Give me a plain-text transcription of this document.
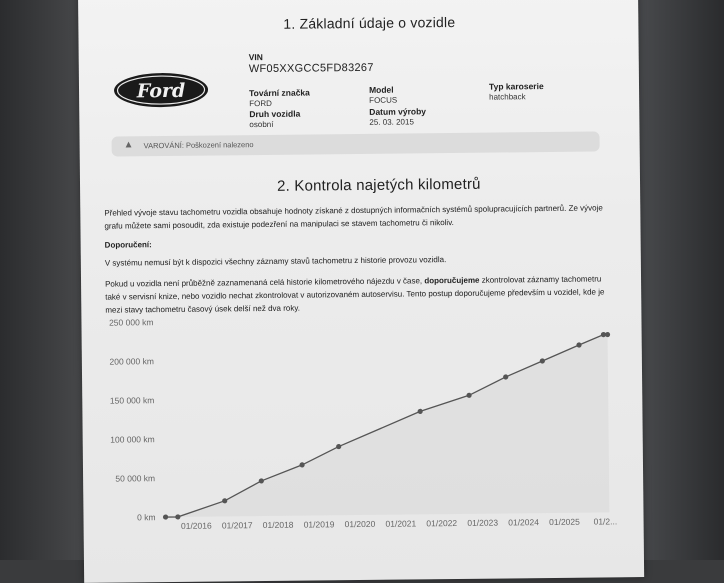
1. Základní údaje o vozidle
Ford
VIN
WF05XXGCC5FD83267
Tovární značka
FORD
Model
FOCUS
Typ karoserie
hatchback
Druh vozidla
osobní
Datum výroby
25. 03. 2015
▲ VAROVÁNÍ: Poškození nalezeno
2. Kontrola najetých kilometrů
Přehled vývoje stavu tachometru vozidla obsahuje hodnoty získané z dostupných informačních systémů spolupracujících partnerů. Ze vývoje grafu můžete sami posoudit, zda existuje podezření na manipulaci se stavem tachometru či nikoliv.
Doporučení:
V systému nemusí být k dispozici všechny záznamy stavů tachometru z historie provozu vozidla.
Pokud u vozidla není průběžně zaznamenaná celá historie kilometrového nájezdu v čase, doporučujeme zkontrolovat záznamy tachometru také v servisní knize, nebo vozidlo nechat zkontrolovat v autorizovaném autoservisu. Tento postup doporučujeme především u vozidel, kde je mezi stavy tachometru časový úsek delší než dva roky.
0 km
50 000 km
100 000 km
150 000 km
200 000 km
250 000 km
01/2016 01/2017 01/2018 01/2019 01/2020 01/2021 01/2022 01/2023 01/2024 01/2025 01/2...
